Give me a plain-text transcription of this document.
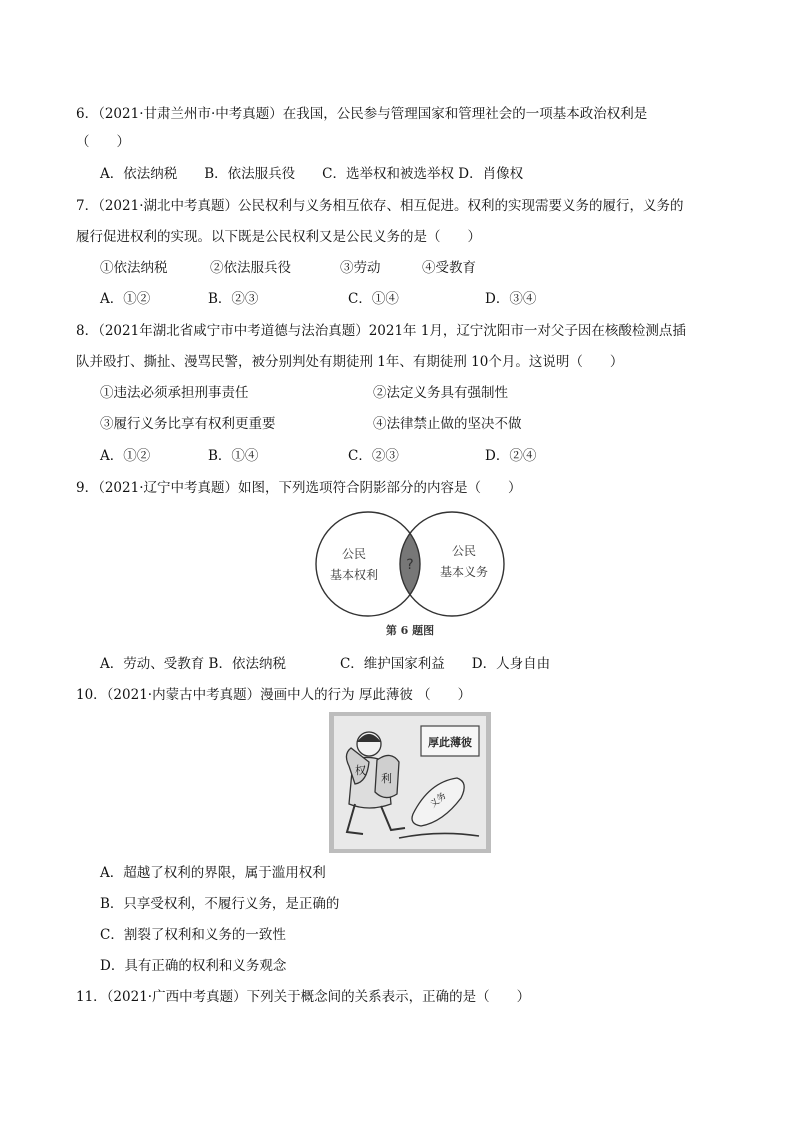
6．（2021·甘肃兰州市·中考真题）在我国，公民参与管理国家和管理社会的一项基本政治权利是
（　　）
A．依法纳税　　B．依法服兵役　　C．选举权和被选举权 D．肖像权
7．（2021·湖北中考真题）公民权利与义务相互依存、相互促进。权利的实现需要义务的履行，义务的
履行促进权利的实现。以下既是公民权利又是公民义务的是（　　）
①依法纳税	②依法服兵役	③劳动	④受教育
A．①②	B．②③	C．①④	D．③④
8．（2021年湖北省咸宁市中考道德与法治真题）2021年 1月，辽宁沈阳市一对父子因在核酸检测点插
队并殴打、撕扯、漫骂民警，被分别判处有期徒刑 1年、有期徒刑 10个月。这说明（　　）
①违法必须承担刑事责任	②法定义务具有强制性
③履行义务比享有权利更重要	④法律禁止做的坚决不做
A．①②	B．①④	C．②③	D．②④
9．（2021·辽宁中考真题）如图，下列选项符合阴影部分的内容是（　　）
公民
基本权利
公民
基本义务
?
第 6 题图
A．劳动、受教育 B．依法纳税　　　　C．维护国家利益　　D．人身自由
10．（2021·内蒙古中考真题）漫画中人的行为 厚此薄彼 （　　）
厚此薄彼
权
利
义务
A．超越了权利的界限，属于滥用权利
B．只享受权利，不履行义务，是正确的
C．割裂了权利和义务的一致性
D．具有正确的权利和义务观念
11．（2021·广西中考真题）下列关于概念间的关系表示，正确的是（　　）
